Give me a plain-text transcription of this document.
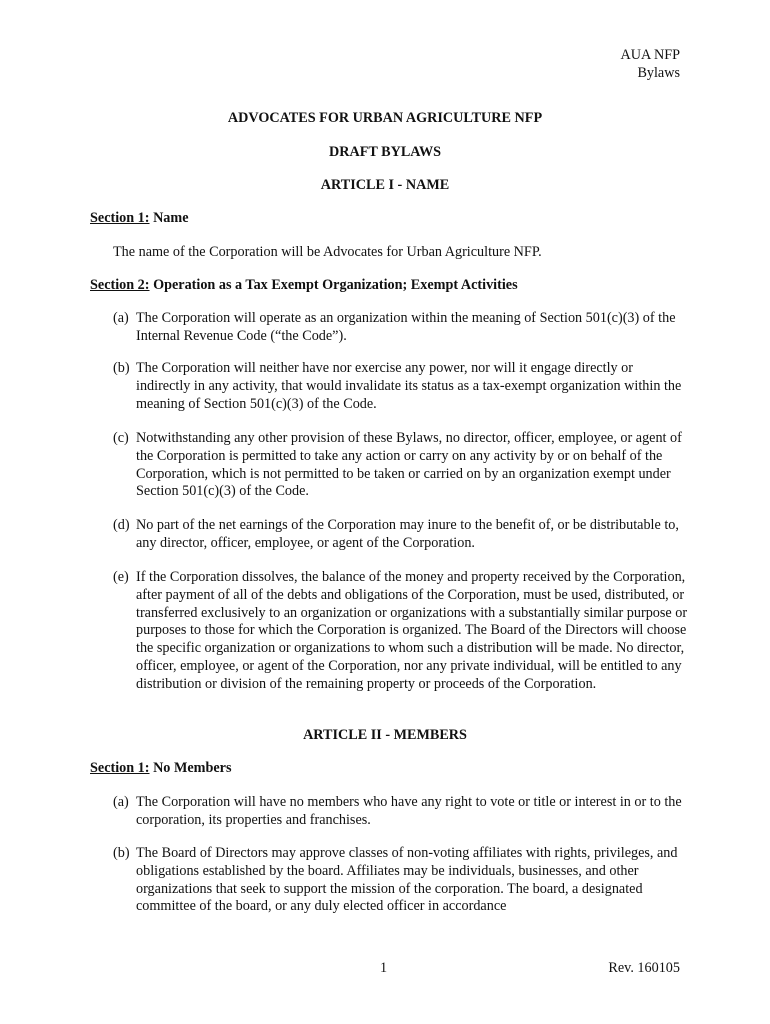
AUA NFP
Bylaws
ADVOCATES FOR URBAN AGRICULTURE NFP
DRAFT BYLAWS
ARTICLE I - NAME
Section 1: Name
The name of the Corporation will be Advocates for Urban Agriculture NFP.
Section 2: Operation as a Tax Exempt Organization; Exempt Activities
(a) The Corporation will operate as an organization within the meaning of Section 501(c)(3) of the Internal Revenue Code (“the Code”).
(b) The Corporation will neither have nor exercise any power, nor will it engage directly or indirectly in any activity, that would invalidate its status as a tax-exempt organization within the meaning of Section 501(c)(3) of the Code.
(c) Notwithstanding any other provision of these Bylaws, no director, officer, employee, or agent of the Corporation is permitted to take any action or carry on any activity by or on behalf of the Corporation, which is not permitted to be taken or carried on by an organization exempt under Section 501(c)(3) of the Code.
(d) No part of the net earnings of the Corporation may inure to the benefit of, or be distributable to, any director, officer, employee, or agent of the Corporation.
(e) If the Corporation dissolves, the balance of the money and property received by the Corporation, after payment of all of the debts and obligations of the Corporation, must be used, distributed, or transferred exclusively to an organization or organizations with a substantially similar purpose or purposes to those for which the Corporation is organized. The Board of the Directors will choose the specific organization or organizations to whom such a distribution will be made. No director, officer, employee, or agent of the Corporation, nor any private individual, will be entitled to any distribution or division of the remaining property or proceeds of the Corporation.
ARTICLE II - MEMBERS
Section 1: No Members
(a) The Corporation will have no members who have any right to vote or title or interest in or to the corporation, its properties and franchises.
(b) The Board of Directors may approve classes of non-voting affiliates with rights, privileges, and obligations established by the board. Affiliates may be individuals, businesses, and other organizations that seek to support the mission of the corporation. The board, a designated committee of the board, or any duly elected officer in accordance
1	Rev. 160105
